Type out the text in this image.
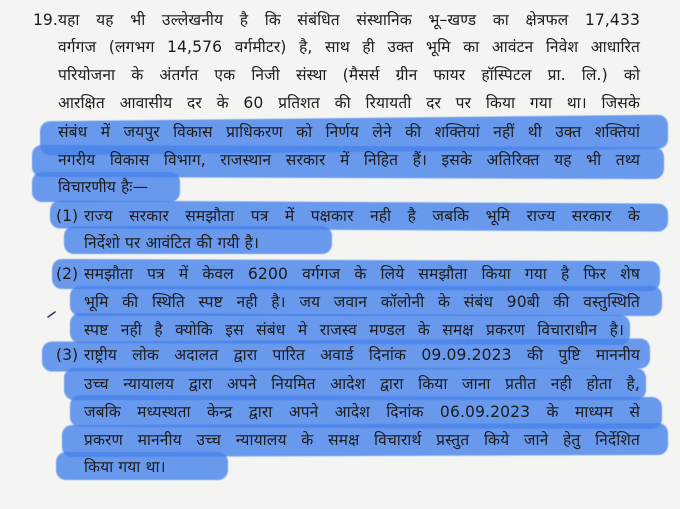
19. यहा यह भी उल्लेखनीय है कि संबंधित संस्थानिक भू–खण्ड का क्षेत्रफल 17,433
वर्गगज (लगभग 14,576 वर्गमीटर) है, साथ ही उक्त भूमि का आवंटन निवेश आधारित
परियोजना के अंतर्गत एक निजी संस्था (मैसर्स ग्रीन फायर हॉस्पिटल प्रा. लि.) को
आरक्षित आवासीय दर के 60 प्रतिशत की रियायती दर पर किया गया था। जिसके
संबंध में जयपुर विकास प्राधिकरण को निर्णय लेने की शक्तियां नहीं थी उक्त शक्तियां
नगरीय विकास विभाग, राजस्थान सरकार में निहित हैं। इसके अतिरिक्त यह भी तथ्य
विचारणीय हैः—
(1) राज्य सरकार समझौता पत्र में पक्षकार नही है जबकि भूमि राज्य सरकार के
निर्देशो पर आवंटित की गयी है।
(2) समझौता पत्र में केवल 6200 वर्गगज के लिये समझौता किया गया है फिर शेष
भूमि की स्थिति स्पष्ट नही है। जय जवान कॉलोनी के संबंध 90बी की वस्तुस्थिति
स्पष्ट नही है क्योकि इस संबंध मे राजस्व मण्डल के समक्ष प्रकरण विचाराधीन है।
(3) राष्ट्रीय लोक अदालत द्वारा पारित अवार्ड दिनांक 09.09.2023 की पुष्टि माननीय
उच्च न्यायालय द्वारा अपने नियमित आदेश द्वारा किया जाना प्रतीत नही होता है,
जबकि मध्यस्थता केन्द्र द्वारा अपने आदेश दिनांक 06.09.2023 के माध्यम से
प्रकरण माननीय उच्च न्यायालय के समक्ष विचारार्थ प्रस्तुत किये जाने हेतु निर्देशित
किया गया था।
